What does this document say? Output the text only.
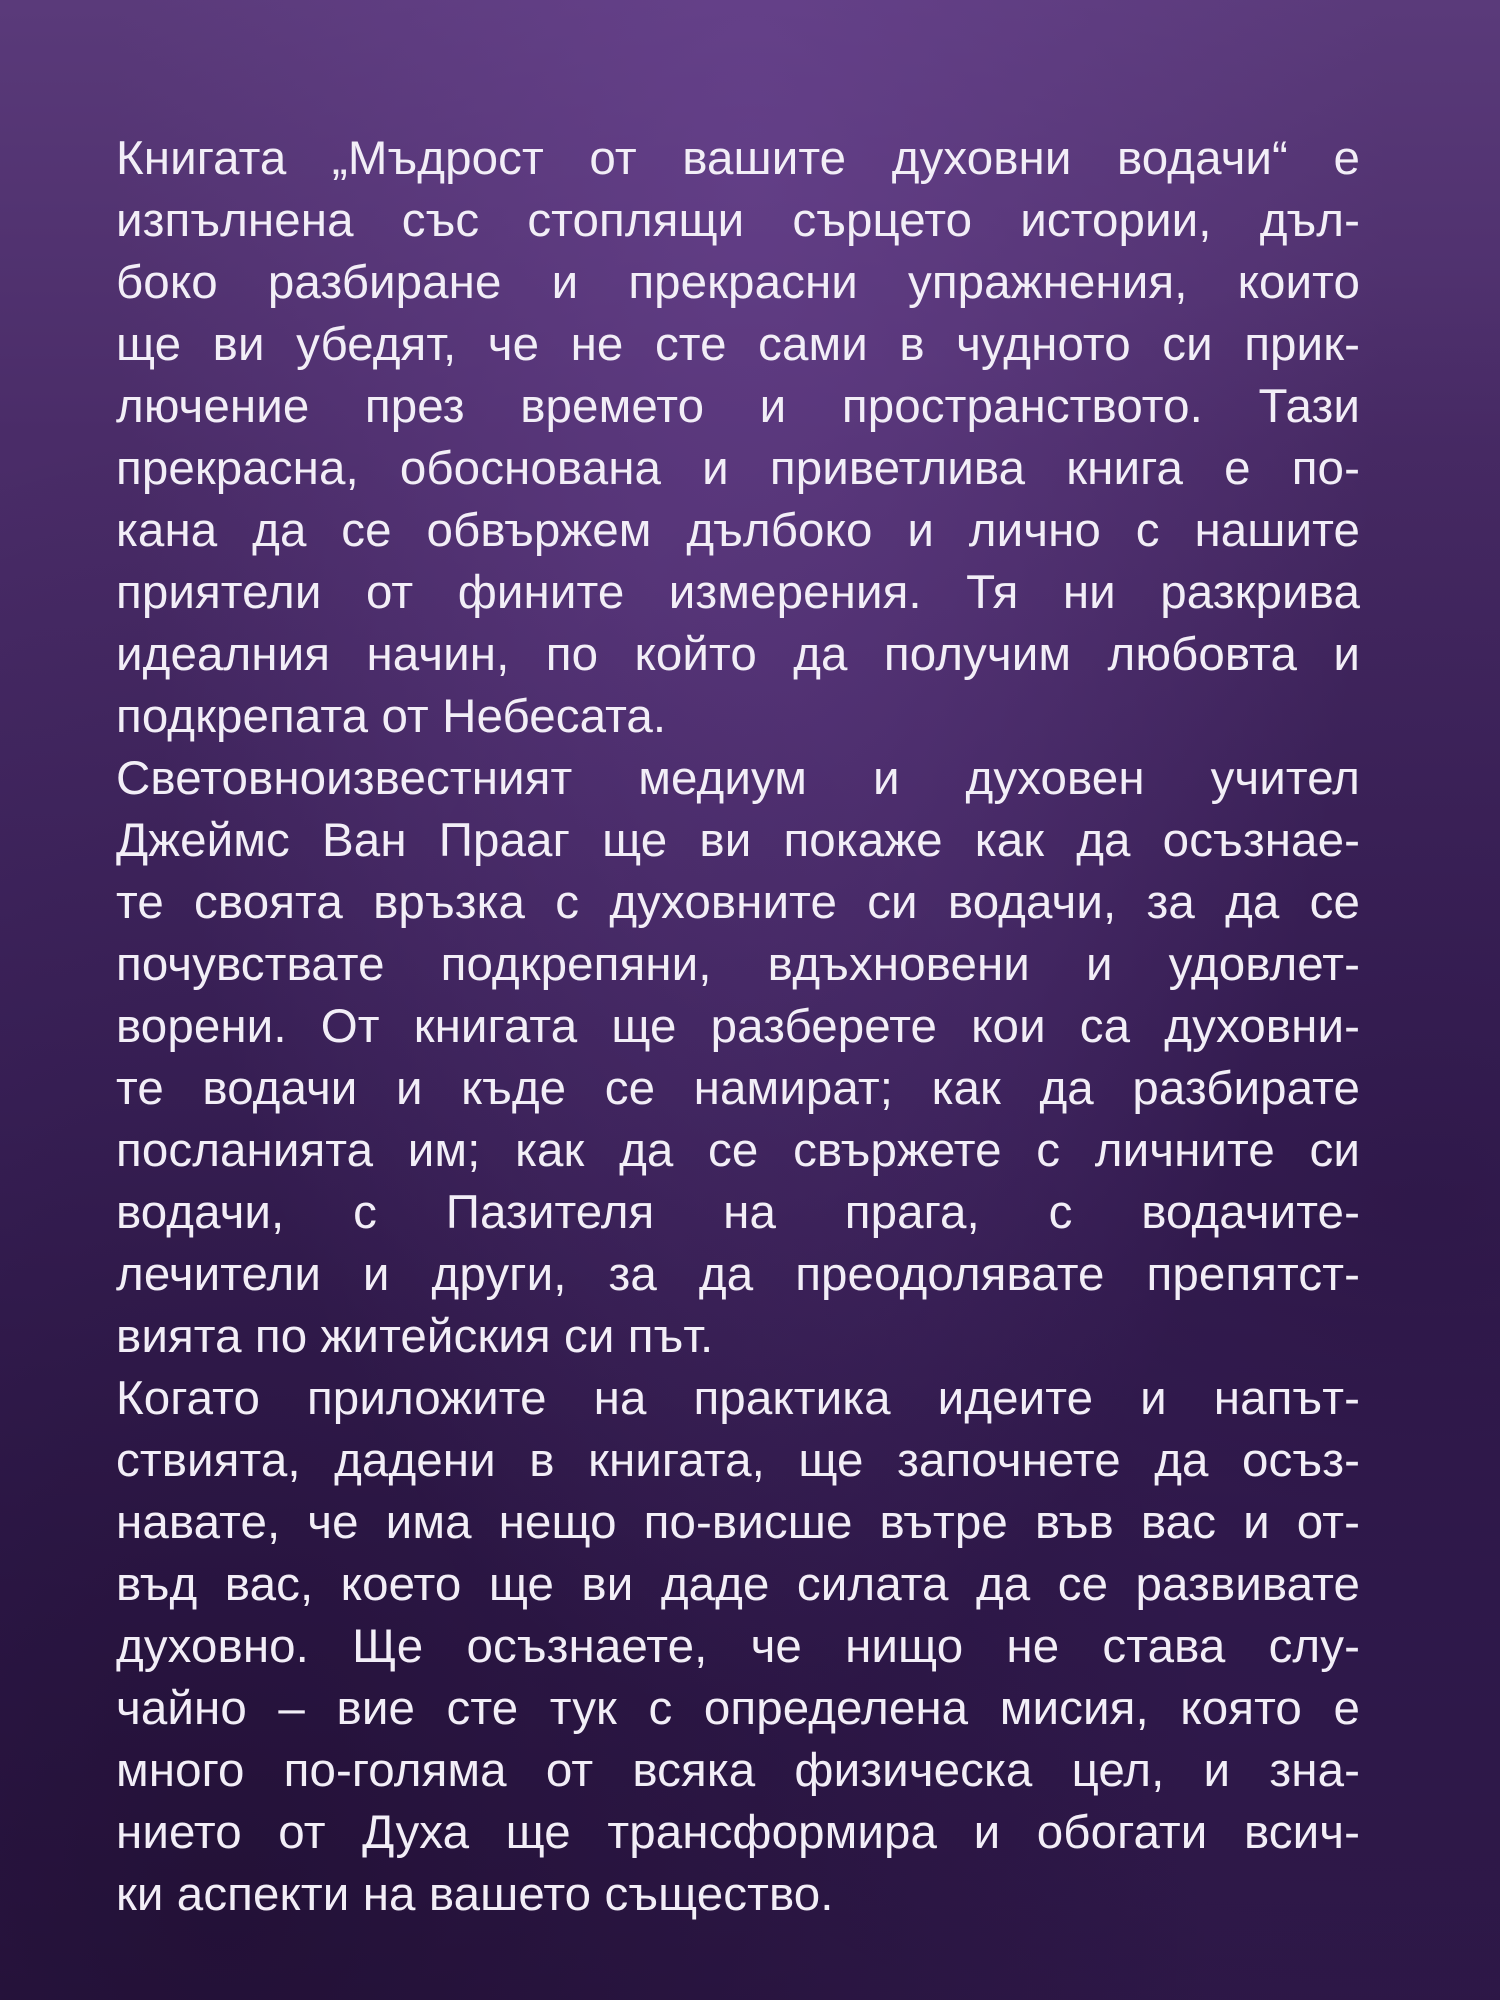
Книгата „Мъдрост от вашите духовни водачи“ е
изпълнена със стоплящи сърцето истории, дъл-
боко разбиране и прекрасни упражнения, които
ще ви убедят, че не сте сами в чудното си прик-
лючение през времето и пространството. Тази
прекрасна, обоснована и приветлива книга е по-
кана да се обвържем дълбоко и лично с нашите
приятели от фините измерения. Тя ни разкрива
идеалния начин, по който да получим любовта и
подкрепата от Небесата.

Световноизвестният медиум и духовен учител
Джеймс Ван Прааг ще ви покаже как да осъзнае-
те своята връзка с духовните си водачи, за да се
почувствате подкрепяни, вдъхновени и удовлет-
ворени. От книгата ще разберете кои са духовни-
те водачи и къде се намират; как да разбирате
посланията им; как да се свържете с личните си
водачи, с Пазителя на прага, с водачите-
лечители и други, за да преодолявате препятст-
вията по житейския си път.

Когато приложите на практика идеите и напът-
ствията, дадени в книгата, ще започнете да осъз-
навате, че има нещо по-висше вътре във вас и от-
въд вас, което ще ви даде силата да се развивате
духовно. Ще осъзнаете, че нищо не става слу-
чайно – вие сте тук с определена мисия, която е
много по-голяма от всяка физическа цел, и зна-
нието от Духа ще трансформира и обогати всич-
ки аспекти на вашето същество.
